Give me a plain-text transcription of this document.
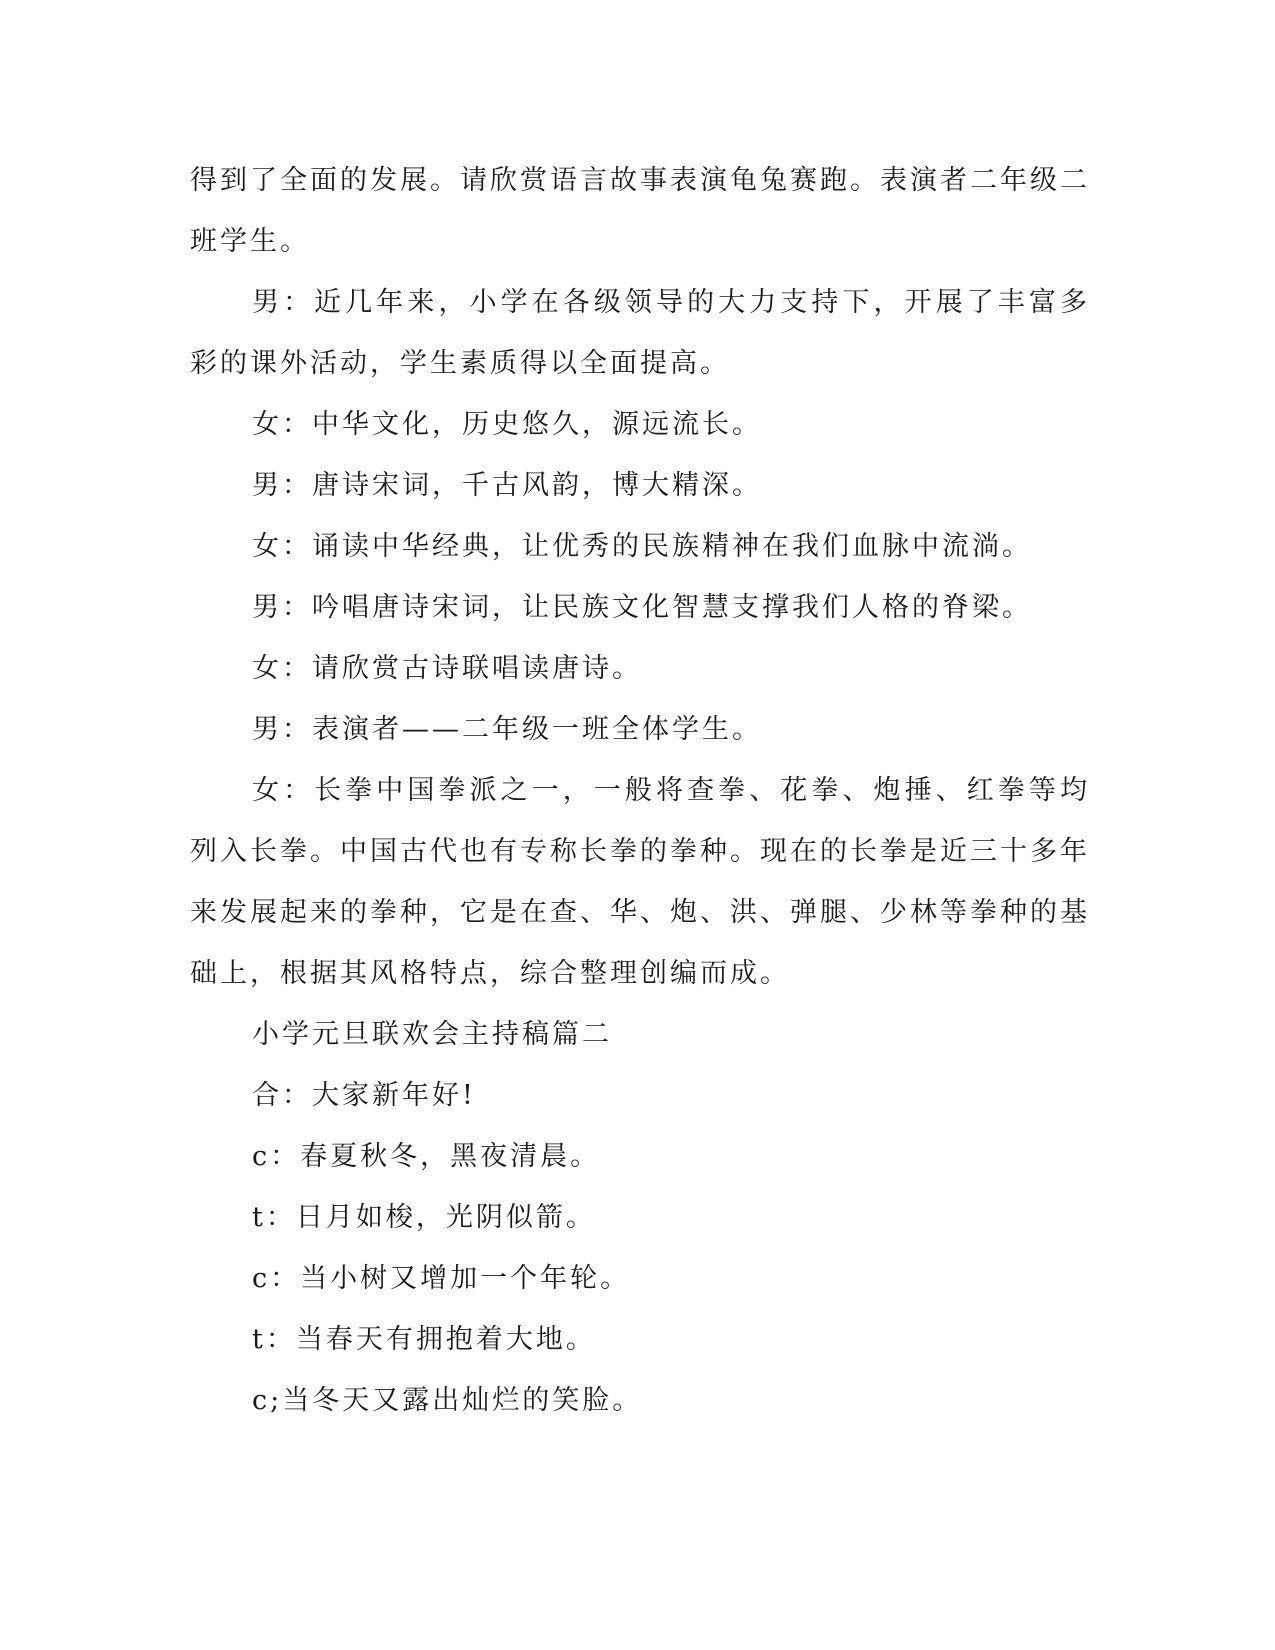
得到了全面的发展。请欣赏语言故事表演龟兔赛跑。表演者二年级二班学生。

男：近几年来，小学在各级领导的大力支持下，开展了丰富多彩的课外活动，学生素质得以全面提高。

女：中华文化，历史悠久，源远流长。

男：唐诗宋词，千古风韵，博大精深。

女：诵读中华经典，让优秀的民族精神在我们血脉中流淌。

男：吟唱唐诗宋词，让民族文化智慧支撑我们人格的脊梁。

女：请欣赏古诗联唱读唐诗。

男：表演者——二年级一班全体学生。

女：长拳中国拳派之一，一般将查拳、花拳、炮捶、红拳等均列入长拳。中国古代也有专称长拳的拳种。现在的长拳是近三十多年来发展起来的拳种，它是在查、华、炮、洪、弹腿、少林等拳种的基础上，根据其风格特点，综合整理创编而成。

小学元旦联欢会主持稿篇二

合：大家新年好!

c：春夏秋冬，黑夜清晨。

t：日月如梭，光阴似箭。

c：当小树又增加一个年轮。

t：当春天有拥抱着大地。

c;当冬天又露出灿烂的笑脸。
